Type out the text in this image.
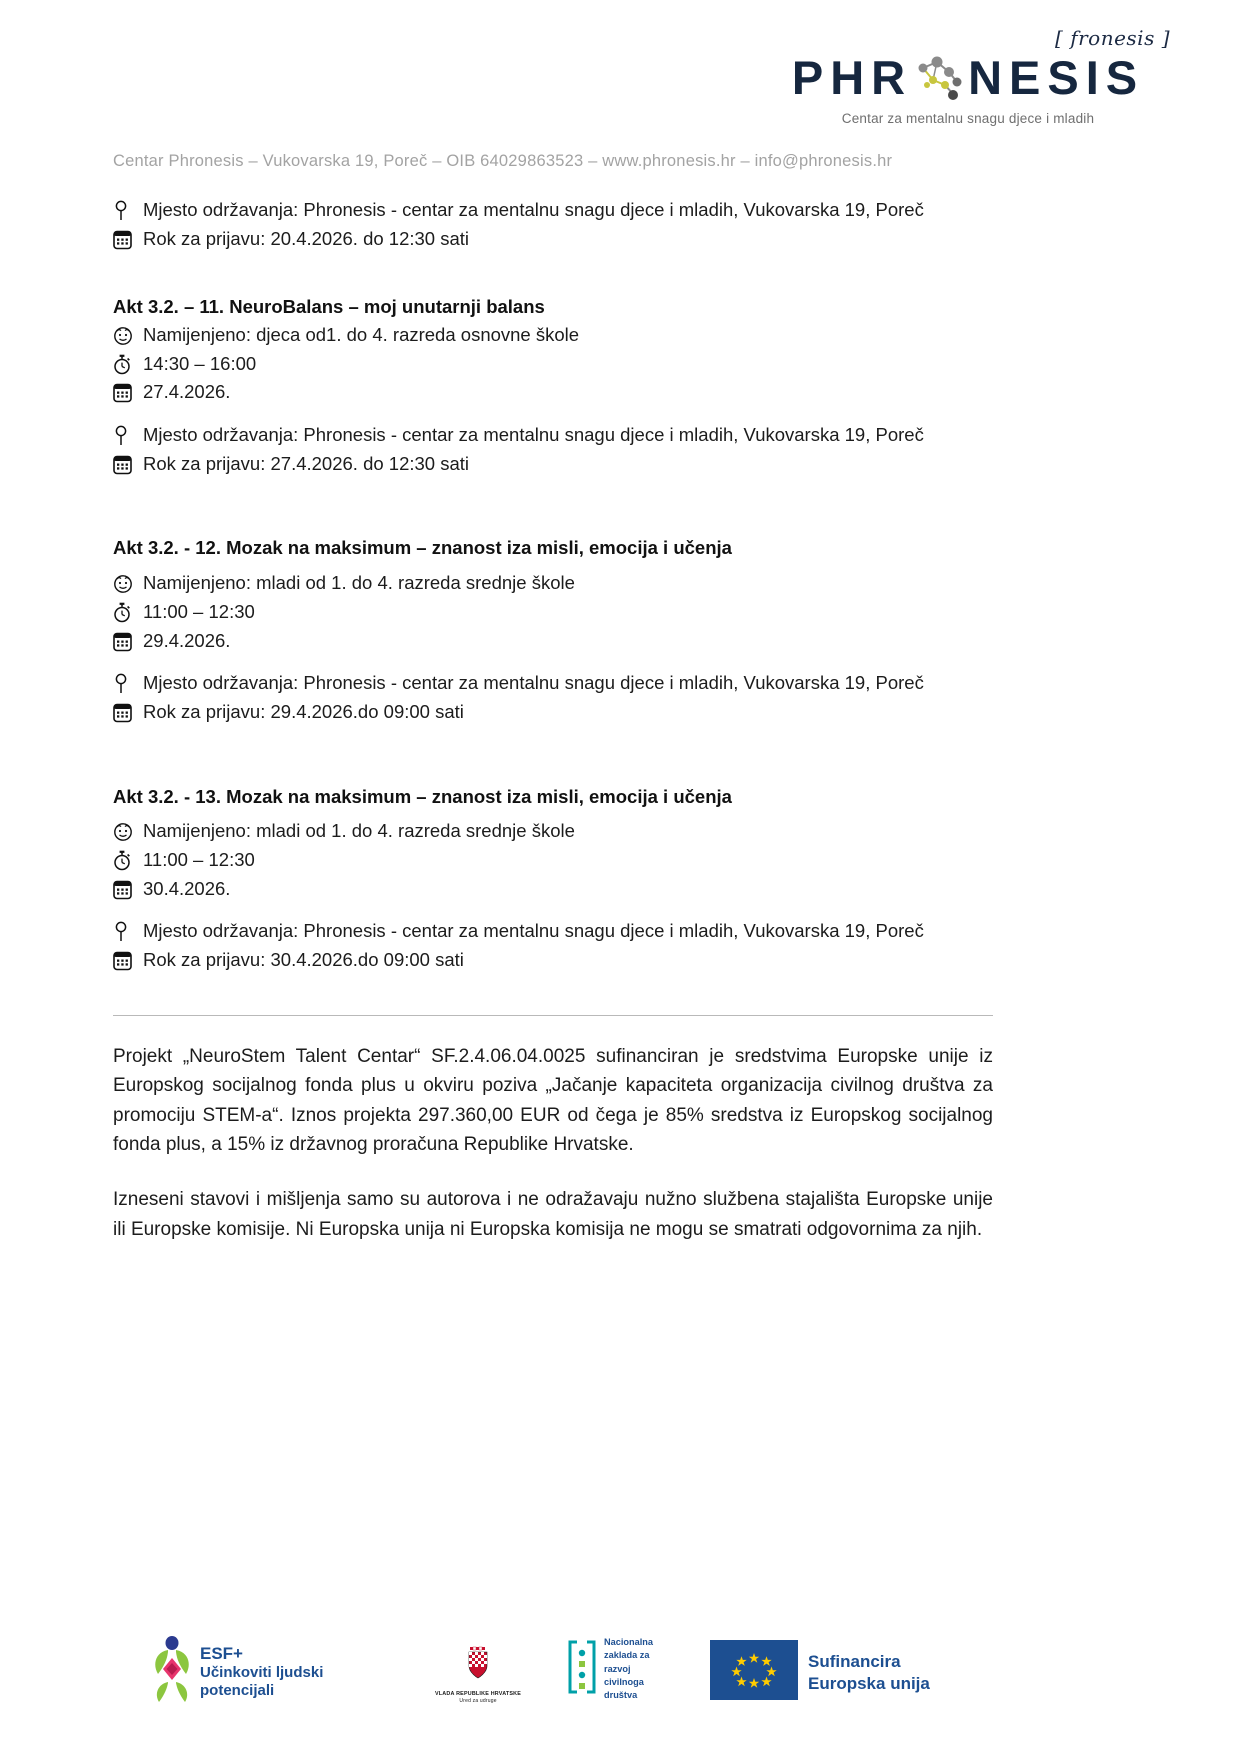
[ fronesis ]
PHR NESIS
Centar za mentalnu snagu djece i mladih
Centar Phronesis – Vukovarska 19, Poreč – OIB 64029863523 – www.phronesis.hr – info@phronesis.hr
Mjesto održavanja: Phronesis - centar za mentalnu snagu djece i mladih, Vukovarska 19, Poreč
Rok za prijavu: 20.4.2026. do 12:30 sati
Akt 3.2. – 11. NeuroBalans – moj unutarnji balans
Namijenjeno: djeca od1. do 4. razreda osnovne škole
14:30 – 16:00
27.4.2026.
Mjesto održavanja: Phronesis - centar za mentalnu snagu djece i mladih, Vukovarska 19, Poreč
Rok za prijavu: 27.4.2026. do 12:30 sati
Akt 3.2. - 12. Mozak na maksimum – znanost iza misli, emocija i učenja
Namijenjeno: mladi od 1. do 4. razreda srednje škole
11:00 – 12:30
29.4.2026.
Mjesto održavanja: Phronesis - centar za mentalnu snagu djece i mladih, Vukovarska 19, Poreč
Rok za prijavu: 29.4.2026.do 09:00 sati
Akt 3.2. - 13. Mozak na maksimum – znanost iza misli, emocija i učenja
Namijenjeno: mladi od 1. do 4. razreda srednje škole
11:00 – 12:30
30.4.2026.
Mjesto održavanja: Phronesis - centar za mentalnu snagu djece i mladih, Vukovarska 19, Poreč
Rok za prijavu: 30.4.2026.do 09:00 sati

Projekt „NeuroStem Talent Centar“ SF.2.4.06.04.0025 sufinanciran je sredstvima Europske unije iz Europskog socijalnog fonda plus u okviru poziva „Jačanje kapaciteta organizacija civilnog društva za promociju STEM-a“. Iznos projekta 297.360,00 EUR od čega je 85% sredstva iz Europskog socijalnog fonda plus, a 15% iz državnog proračuna Republike Hrvatske.

Izneseni stavovi i mišljenja samo su autorova i ne odražavaju nužno službena stajališta Europske unije ili Europske komisije. Ni Europska unija ni Europska komisija ne mogu se smatrati odgovornima za njih.

ESF+
Učinkoviti ljudski
potencijali	VLADA REPUBLIKE HRVATSKE
Ured za udruge
Nacionalna
zaklada za
razvoj
civilnoga
društva
Sufinancira
Europska unija
